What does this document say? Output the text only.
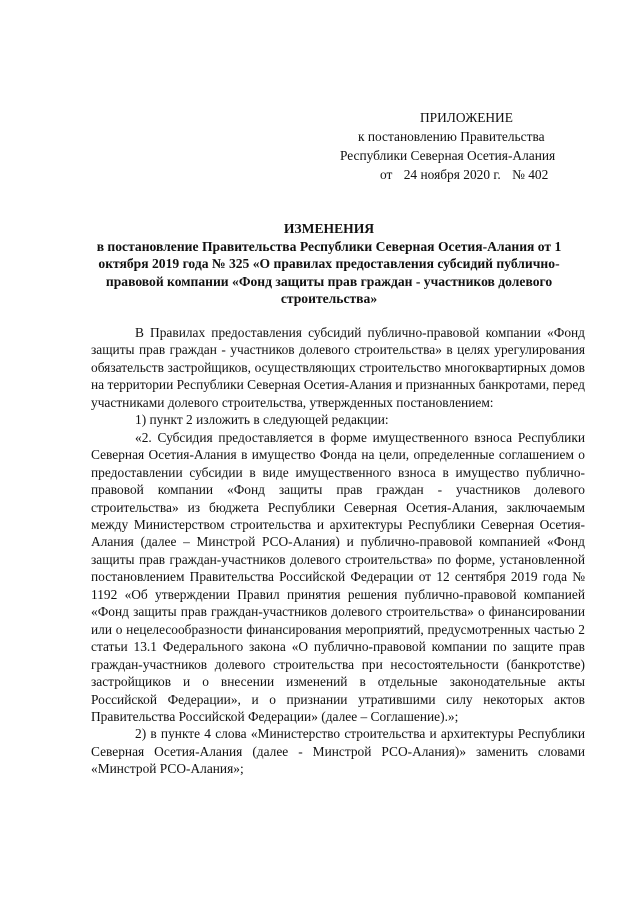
ПРИЛОЖЕНИЕ
к постановлению Правительства
Республики Северная Осетия-Алания
от 24 ноября 2020 г. № 402
ИЗМЕНЕНИЯ
в постановление Правительства Республики Северная Осетия-Алания от 1 октября 2019 года № 325 «О правилах предоставления субсидий публично-правовой компании «Фонд защиты прав граждан - участников долевого строительства»

В Правилах предоставления субсидий публично-правовой компании «Фонд защиты прав граждан - участников долевого строительства» в целях урегулирования обязательств застройщиков, осуществляющих строительство многоквартирных домов на территории Республики Северная Осетия-Алания и признанных банкротами, перед участниками долевого строительства, утвержденных постановлением:

1) пункт 2 изложить в следующей редакции:

«2. Субсидия предоставляется в форме имущественного взноса Республики Северная Осетия-Алания в имущество Фонда на цели, определенные соглашением о предоставлении субсидии в виде имущественного взноса в имущество публично-правовой компании «Фонд защиты прав граждан - участников долевого строительства» из бюджета Республики Северная Осетия-Алания, заключаемым между Министерством строительства и архитектуры Республики Северная Осетия-Алания (далее – Минстрой РСО-Алания) и публично-правовой компанией «Фонд защиты прав граждан-участников долевого строительства» по форме, установленной постановлением Правительства Российской Федерации от 12 сентября 2019 года № 1192 «Об утверждении Правил принятия решения публично-правовой компанией «Фонд защиты прав граждан-участников долевого строительства» о финансировании или о нецелесообразности финансирования мероприятий, предусмотренных частью 2 статьи 13.1 Федерального закона «О публично-правовой компании по защите прав граждан-участников долевого строительства при несостоятельности (банкротстве) застройщиков и о внесении изменений в отдельные законодательные акты Российской Федерации», и о признании утратившими силу некоторых актов Правительства Российской Федерации» (далее – Соглашение).»;

2) в пункте 4 слова «Министерство строительства и архитектуры Республики Северная Осетия-Алания (далее - Минстрой РСО-Алания)» заменить словами «Минстрой РСО-Алания»;
